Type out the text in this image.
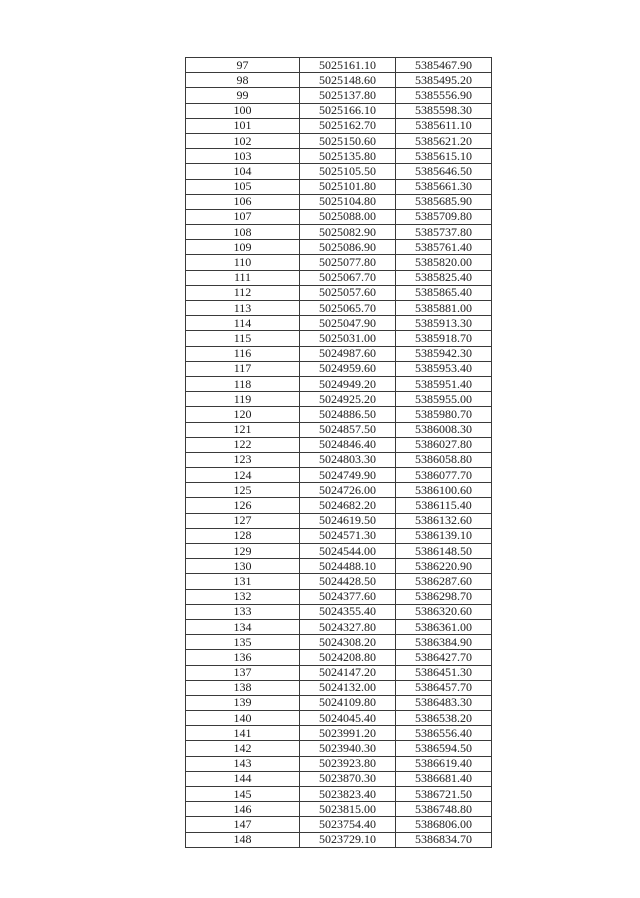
97	5025161.10	5385467.90
98	5025148.60	5385495.20
99	5025137.80	5385556.90
100	5025166.10	5385598.30
101	5025162.70	5385611.10
102	5025150.60	5385621.20
103	5025135.80	5385615.10
104	5025105.50	5385646.50
105	5025101.80	5385661.30
106	5025104.80	5385685.90
107	5025088.00	5385709.80
108	5025082.90	5385737.80
109	5025086.90	5385761.40
110	5025077.80	5385820.00
111	5025067.70	5385825.40
112	5025057.60	5385865.40
113	5025065.70	5385881.00
114	5025047.90	5385913.30
115	5025031.00	5385918.70
116	5024987.60	5385942.30
117	5024959.60	5385953.40
118	5024949.20	5385951.40
119	5024925.20	5385955.00
120	5024886.50	5385980.70
121	5024857.50	5386008.30
122	5024846.40	5386027.80
123	5024803.30	5386058.80
124	5024749.90	5386077.70
125	5024726.00	5386100.60
126	5024682.20	5386115.40
127	5024619.50	5386132.60
128	5024571.30	5386139.10
129	5024544.00	5386148.50
130	5024488.10	5386220.90
131	5024428.50	5386287.60
132	5024377.60	5386298.70
133	5024355.40	5386320.60
134	5024327.80	5386361.00
135	5024308.20	5386384.90
136	5024208.80	5386427.70
137	5024147.20	5386451.30
138	5024132.00	5386457.70
139	5024109.80	5386483.30
140	5024045.40	5386538.20
141	5023991.20	5386556.40
142	5023940.30	5386594.50
143	5023923.80	5386619.40
144	5023870.30	5386681.40
145	5023823.40	5386721.50
146	5023815.00	5386748.80
147	5023754.40	5386806.00
148	5023729.10	5386834.70
